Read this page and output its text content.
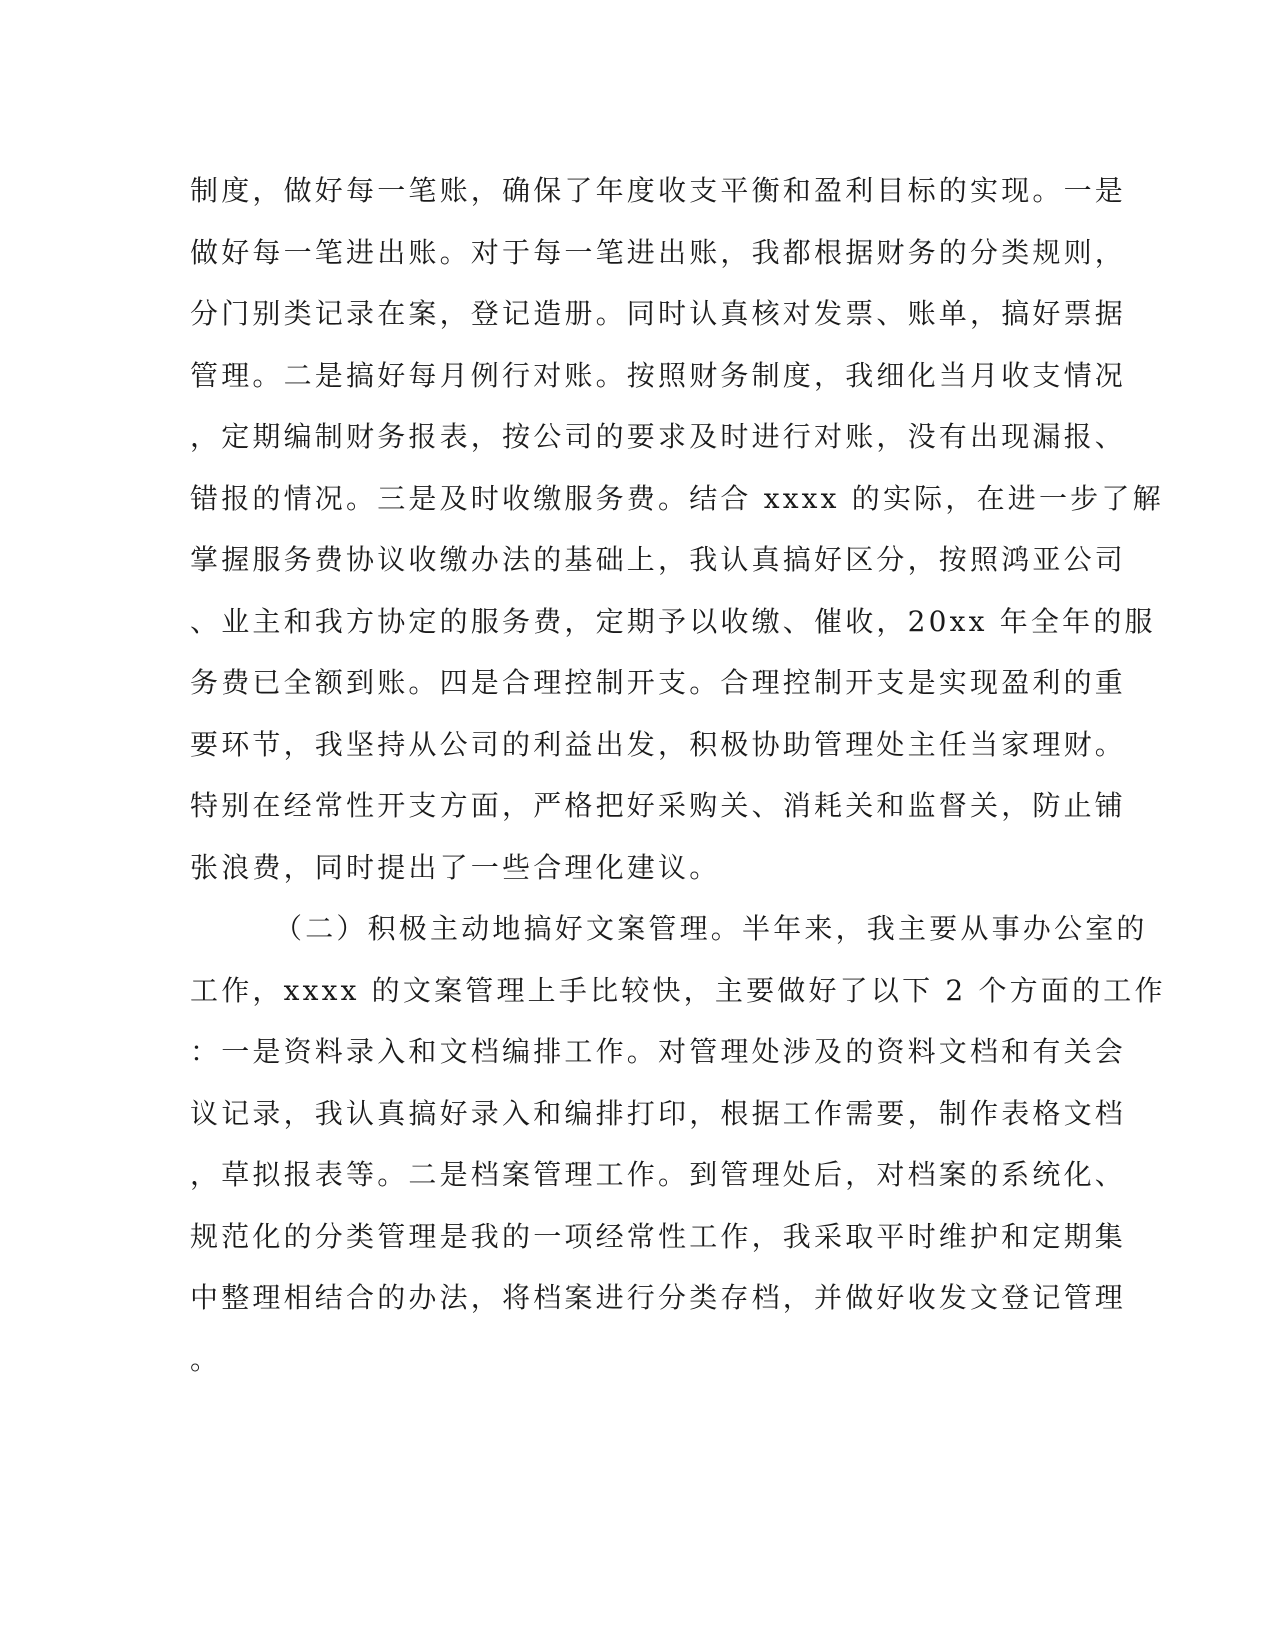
制度，做好每一笔账，确保了年度收支平衡和盈利目标的实现。一是
做好每一笔进出账。对于每一笔进出账，我都根据财务的分类规则，
分门别类记录在案，登记造册。同时认真核对发票、账单，搞好票据
管理。二是搞好每月例行对账。按照财务制度，我细化当月收支情况
，定期编制财务报表，按公司的要求及时进行对账，没有出现漏报、
错报的情况。三是及时收缴服务费。结合 xxxx 的实际，在进一步了解
掌握服务费协议收缴办法的基础上，我认真搞好区分，按照鸿亚公司
、业主和我方协定的服务费，定期予以收缴、催收，20xx 年全年的服
务费已全额到账。四是合理控制开支。合理控制开支是实现盈利的重
要环节，我坚持从公司的利益出发，积极协助管理处主任当家理财。
特别在经常性开支方面，严格把好采购关、消耗关和监督关，防止铺
张浪费，同时提出了一些合理化建议。
（二）积极主动地搞好文案管理。半年来，我主要从事办公室的
工作，xxxx 的文案管理上手比较快，主要做好了以下 2 个方面的工作
：一是资料录入和文档编排工作。对管理处涉及的资料文档和有关会
议记录，我认真搞好录入和编排打印，根据工作需要，制作表格文档
，草拟报表等。二是档案管理工作。到管理处后，对档案的系统化、
规范化的分类管理是我的一项经常性工作，我采取平时维护和定期集
中整理相结合的办法，将档案进行分类存档，并做好收发文登记管理
。
